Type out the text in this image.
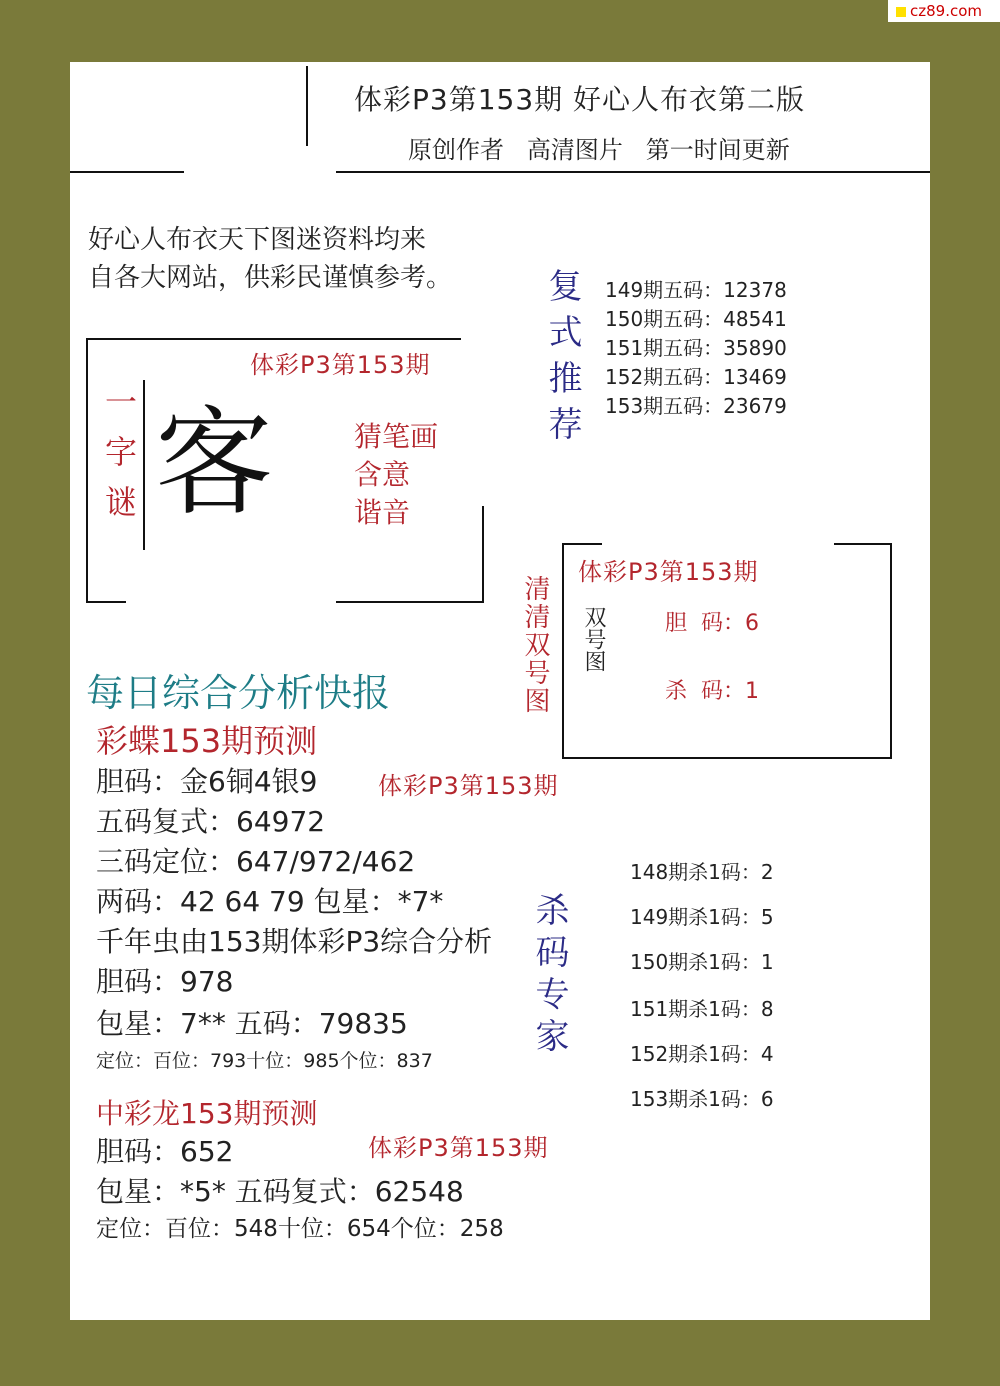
cz89.com
体彩P3第153期 好心人布衣第二版
原创作者   高清图片   第一时间更新
好心人布衣天下图迷资料均来
自各大网站，供彩民谨慎参考。
一字谜
体彩P3第153期
客	猜笔画
含意
谐音
复式推荐 149期五码：12378
150期五码：48541
151期五码：35890
152期五码：13469
153期五码：23679
清清双号图
体彩P3第153期
双号图	胆  码：6
杀  码：1
每日综合分析快报
彩蝶153期预测
胆码：金6铜4银9
五码复式：64972
三码定位：647/972/462
两码：42 64 79 包星：*7*
体彩P3第153期
千年虫由153期体彩P3综合分析
胆码：978
包星：7** 五码：79835
定位：百位：793十位：985个位：837
中彩龙153期预测
胆码：652
包星：*5* 五码复式：62548
定位：百位：548十位：654个位：258
体彩P3第153期
杀码专家
148期杀1码：2
149期杀1码：5
150期杀1码：1
151期杀1码：8
152期杀1码：4
153期杀1码：6
